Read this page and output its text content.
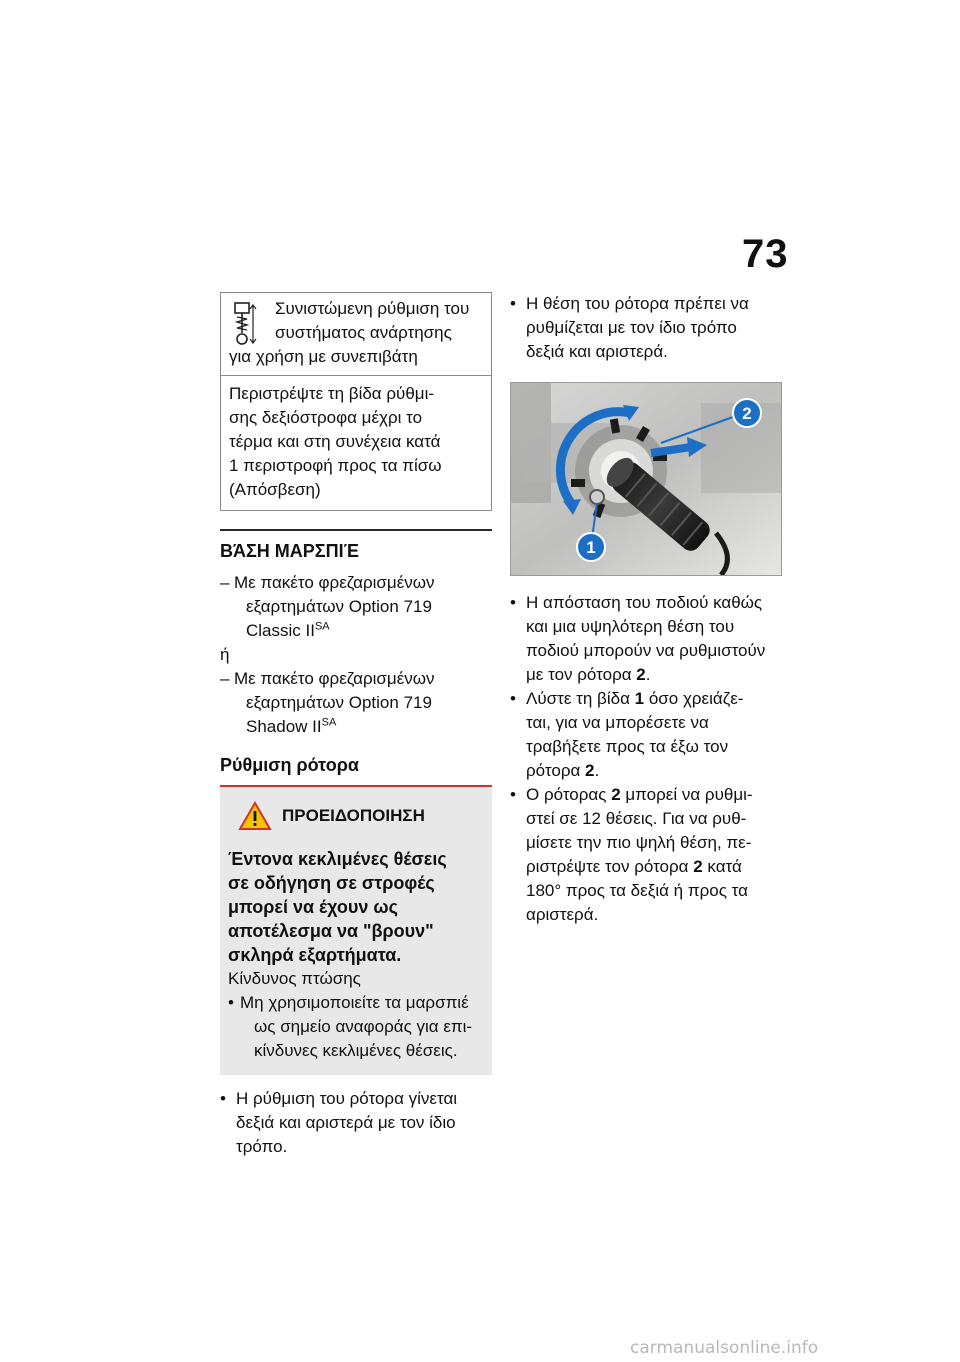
73
Συνιστώμενη ρύθμιση του
συστήματος ανάρτησης
για χρήση με συνεπιβάτη
Περιστρέψτε τη βίδα ρύθμι-
σης δεξιόστροφα μέχρι το
τέρμα και στη συνέχεια κατά
1 περιστροφή προς τα πίσω
(Απόσβεση)
ΒΆΣΗ ΜΑΡΣΠΙΈ
– Με πακέτο φρεζαρισμένων
εξαρτημάτων Option 719
Classic $II^{SA}$
ή
– Με πακέτο φρεζαρισμένων
εξαρτημάτων Option 719
Shadow $II^{SA}$
Ρύθμιση ρότορα
ΠΡΟΕΙΔΟΠΟΙΗΣΗ
Έντονα κεκλιμένες θέσεις
σε οδήγηση σε στροφές
μπορεί να έχουν ως
αποτέλεσμα να "βρουν"
σκληρά εξαρτήματα.
Κίνδυνος πτώσης
• Μη χρησιμοποιείτε τα μαρσπιέ
ως σημείο αναφοράς για επι-
κίνδυνες κεκλιμένες θέσεις.
• Η ρύθμιση του ρότορα γίνεται
δεξιά και αριστερά με τον ίδιο
τρόπο.
• Η θέση του ρότορα πρέπει να
ρυθμίζεται με τον ίδιο τρόπο
δεξιά και αριστερά.
2
1
• Η απόσταση του ποδιού καθώς
και μια υψηλότερη θέση του
ποδιού μπορούν να ρυθμιστούν
με τον ρότορα 2.
• Λύστε τη βίδα 1 όσο χρειάζε-
ται, για να μπορέσετε να
τραβήξετε προς τα έξω τον
ρότορα 2.
• Ο ρότορας 2 μπορεί να ρυθμι-
στεί σε 12 θέσεις. Για να ρυθ-
μίσετε την πιο ψηλή θέση, πε-
ριστρέψτε τον ρότορα 2 κατά
180° προς τα δεξιά ή προς τα
αριστερά.
carmanualsonline.info
